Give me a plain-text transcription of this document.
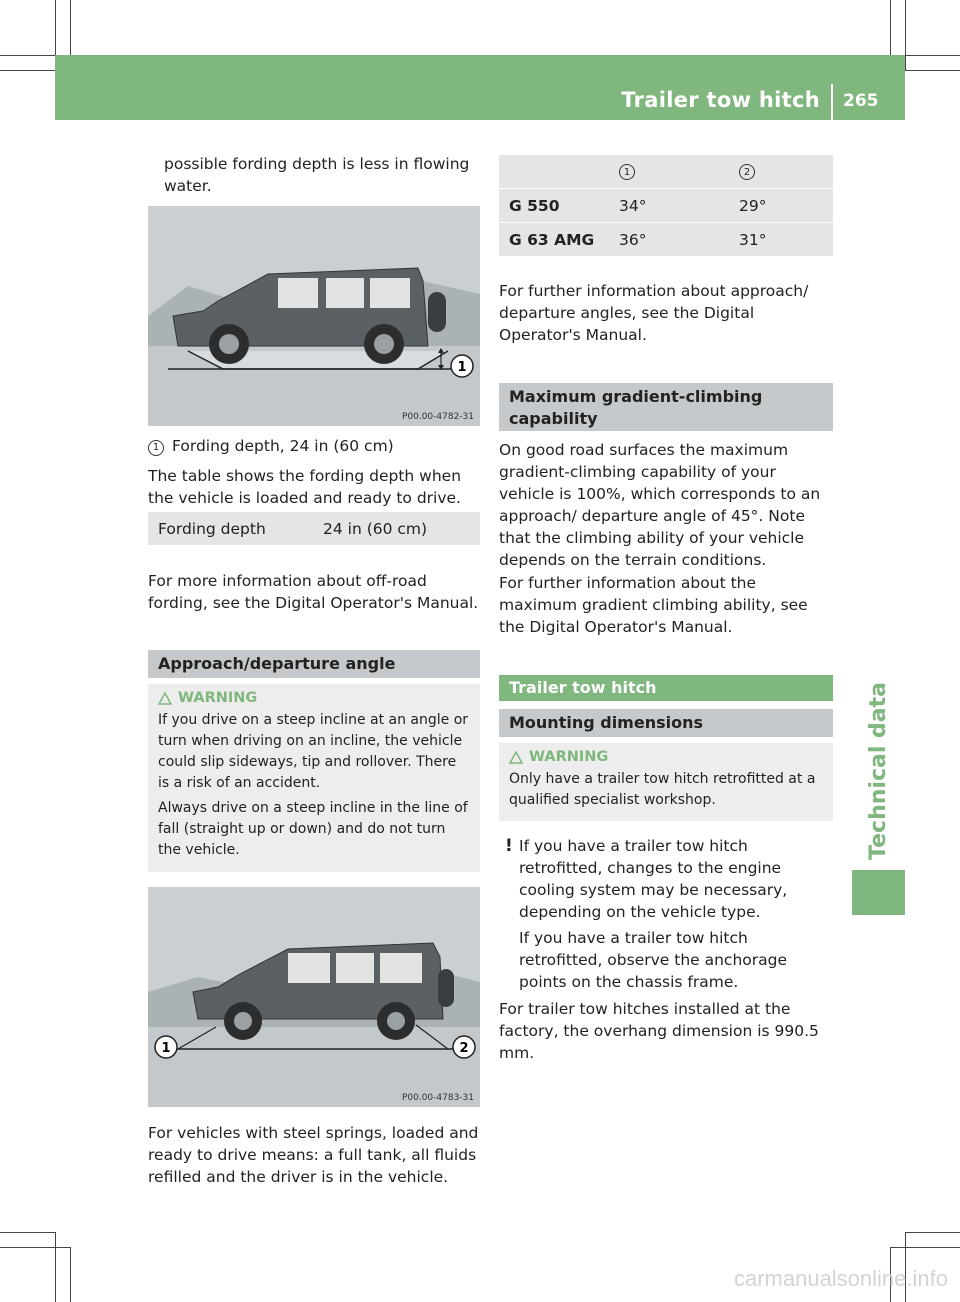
Trailer tow hitch 265
Technical data
possible fording depth is less in flowing water.
1
P00.00-4782-31
1 Fording depth, 24 in (60 cm)
The table shows the fording depth when the vehicle is loaded and ready to drive.
Fording depth	24 in (60 cm)
For more information about off-road fording, see the Digital Operator's Manual.
Approach/departure angle
WARNING
If you drive on a steep incline at an angle or turn when driving on an incline, the vehicle could slip sideways, tip and rollover. There is a risk of an accident.
Always drive on a steep incline in the line of fall (straight up or down) and do not turn the vehicle.
1	2
P00.00-4783-31
For vehicles with steel springs, loaded and ready to drive means: a full tank, all fluids refilled and the driver is in the vehicle.
	1	2
G 550	34°	29°
G 63 AMG	36°	31°
For further information about approach/ departure angles, see the Digital Operator's Manual.
Maximum gradient-climbing capability
On good road surfaces the maximum gradient-climbing capability of your vehicle is 100%, which corresponds to an approach/ departure angle of 45°. Note that the climbing ability of your vehicle depends on the terrain conditions.
For further information about the maximum gradient climbing ability, see the Digital Operator's Manual.
Trailer tow hitch
Mounting dimensions
WARNING
Only have a trailer tow hitch retrofitted at a qualified specialist workshop.
! If you have a trailer tow hitch retrofitted, changes to the engine cooling system may be necessary, depending on the vehicle type.
If you have a trailer tow hitch retrofitted, observe the anchorage points on the chassis frame.
For trailer tow hitches installed at the factory, the overhang dimension is 990.5 mm.
carmanualsonline.info
